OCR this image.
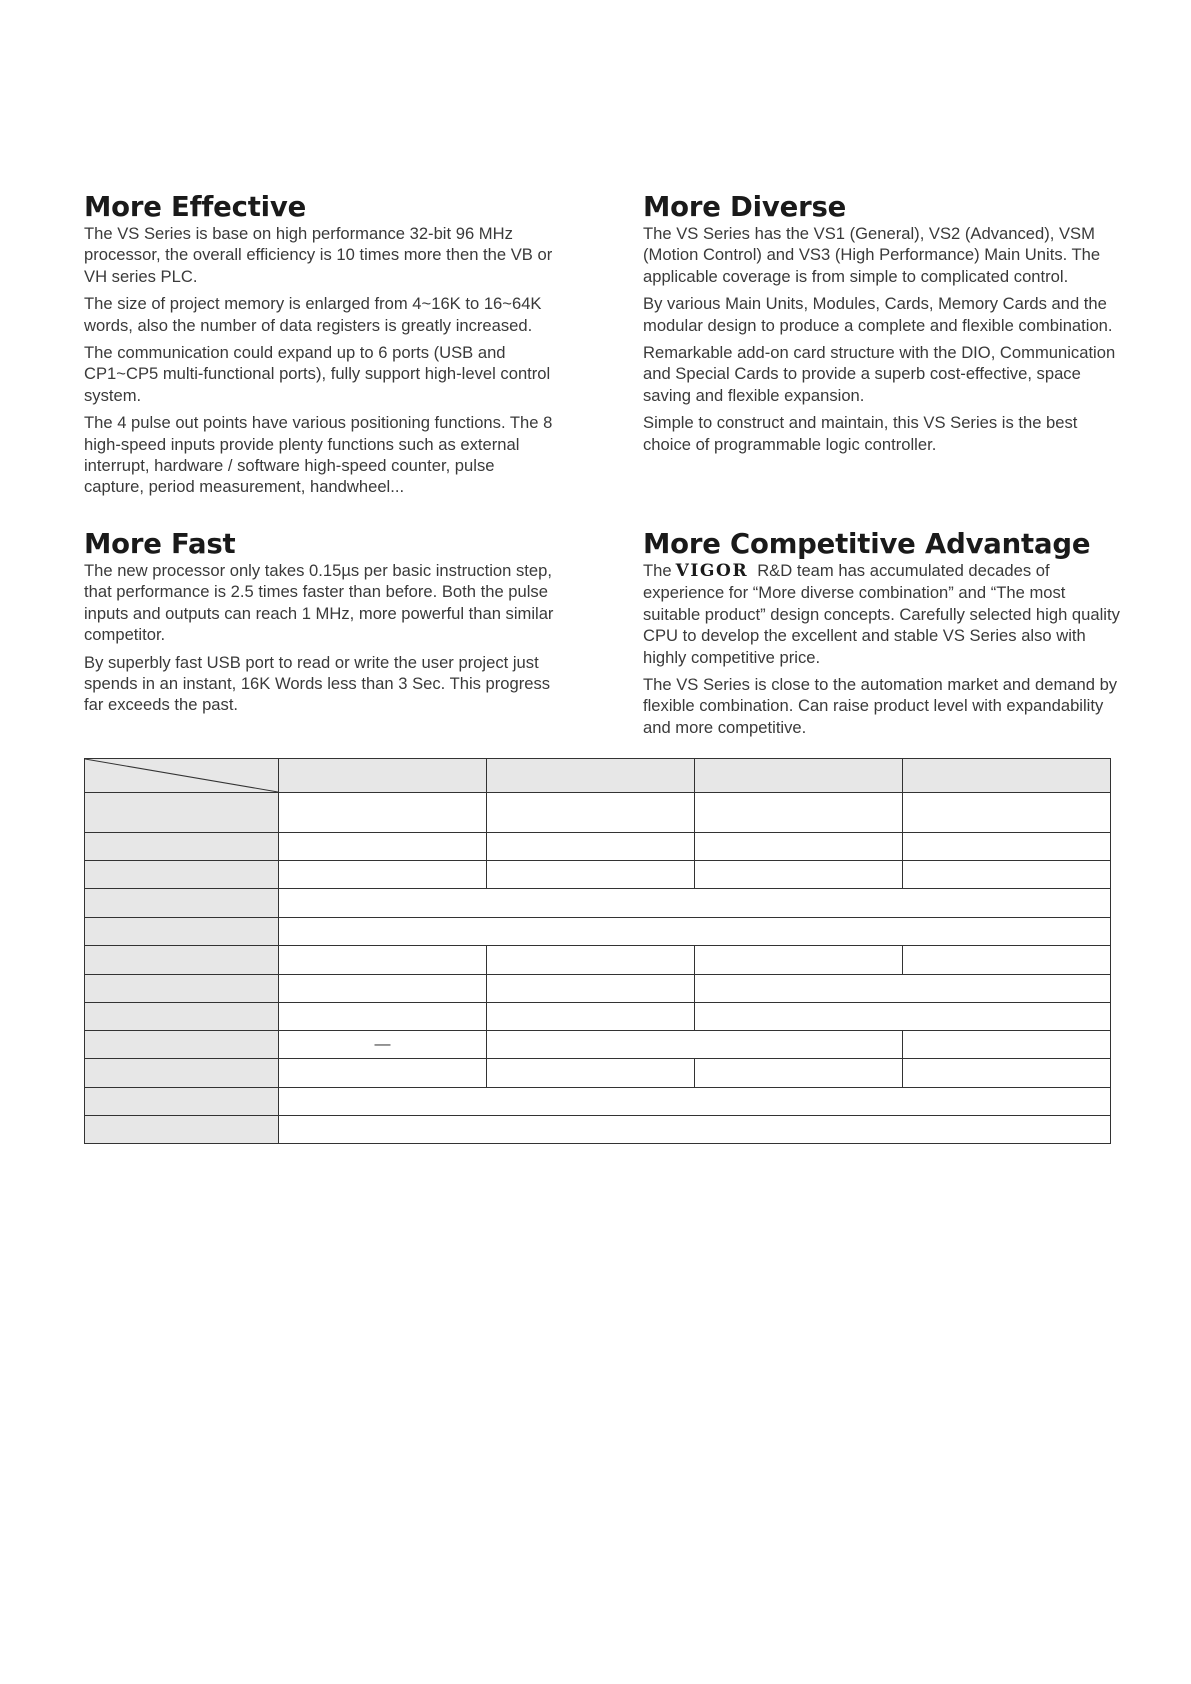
More Effective

The VS Series is base on high performance 32-bit 96 MHz processor, the overall efficiency is 10 times more then the VB or VH series PLC.

The size of project memory is enlarged from 4~16K to 16~64K words, also the number of data registers is greatly increased.

The communication could expand up to 6 ports (USB and CP1~CP5 multi-functional ports), fully support high-level control system.

The 4 pulse out points have various positioning functions. The 8 high-speed inputs provide plenty functions such as external interrupt, hardware / software high-speed counter, pulse capture, period measurement, handwheel...

More Fast

The new processor only takes 0.15µs per basic instruction step, that performance is 2.5 times faster than before. Both the pulse inputs and outputs can reach 1 MHz, more powerful than similar competitor.

By superbly fast USB port to read or write the user project just spends in an instant, 16K Words less than 3 Sec. This progress far exceeds the past.

More Diverse

The VS Series has the VS1 (General), VS2 (Advanced), VSM (Motion Control) and VS3 (High Performance) Main Units. The applicable coverage is from simple to complicated control.

By various Main Units, Modules, Cards, Memory Cards and the modular design to produce a complete and flexible combination.

Remarkable add-on card structure with the DIO, Communication and Special Cards to provide a superb cost-effective, space saving and flexible expansion.

Simple to construct and maintain, this VS Series is the best choice of programmable logic controller.

More Competitive Advantage

The VIGOR R&D team has accumulated decades of experience for “More diverse combination” and “The most suitable product” design concepts. Carefully selected high quality CPU to develop the excellent and stable VS Series also with highly competitive price.

The VS Series is close to the automation market and demand by flexible combination. Can raise product level with expandability and more competitive.

	—			
